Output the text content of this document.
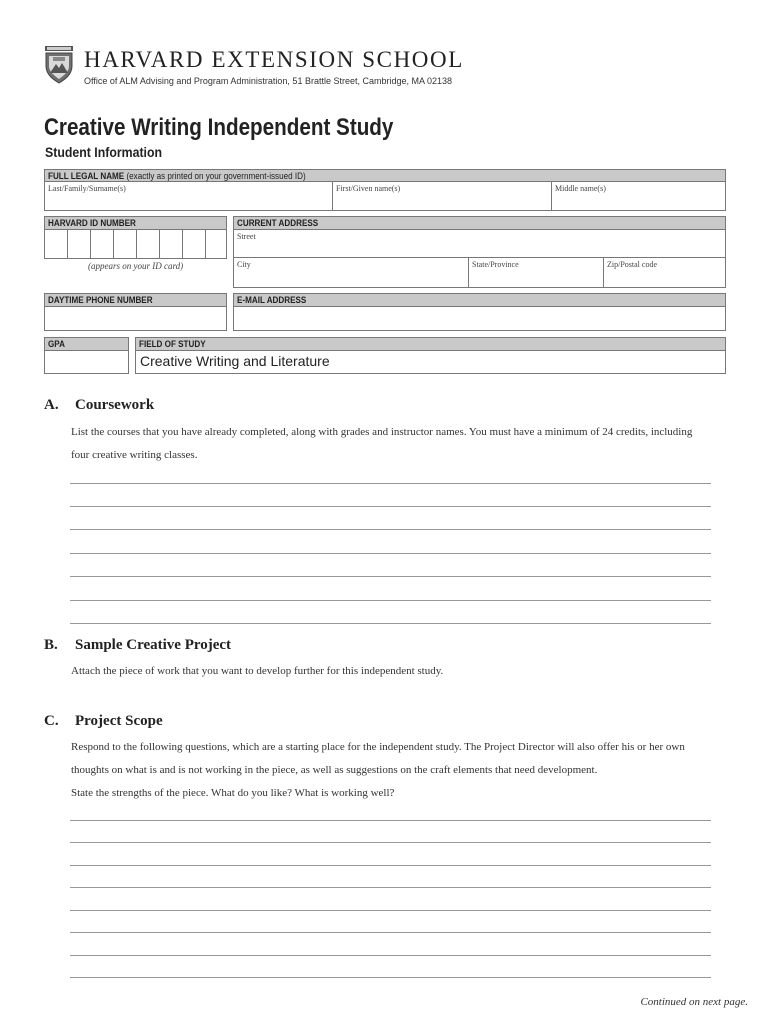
HARVARD EXTENSION SCHOOL
Office of ALM Advising and Program Administration, 51 Brattle Street, Cambridge, MA 02138
Creative Writing Independent Study
Student Information
FULL LEGAL NAME (exactly as printed on your government-issued ID)
Last/Family/Surname(s)	First/Given name(s)	Middle name(s)
HARVARD ID NUMBER
(appears on your ID card)
CURRENT ADDRESS
Street
City	State/Province	Zip/Postal code
DAYTIME PHONE NUMBER	E-MAIL ADDRESS
GPA	FIELD OF STUDY
Creative Writing and Literature
A. Coursework
List the courses that you have already completed, along with grades and instructor names. You must have a minimum of 24 credits, including
four creative writing classes.
B. Sample Creative Project
Attach the piece of work that you want to develop further for this independent study.
C. Project Scope
Respond to the following questions, which are a starting place for the independent study. The Project Director will also offer his or her own
thoughts on what is and is not working in the piece, as well as suggestions on the craft elements that need development.
State the strengths of the piece. What do you like? What is working well?
Continued on next page.
